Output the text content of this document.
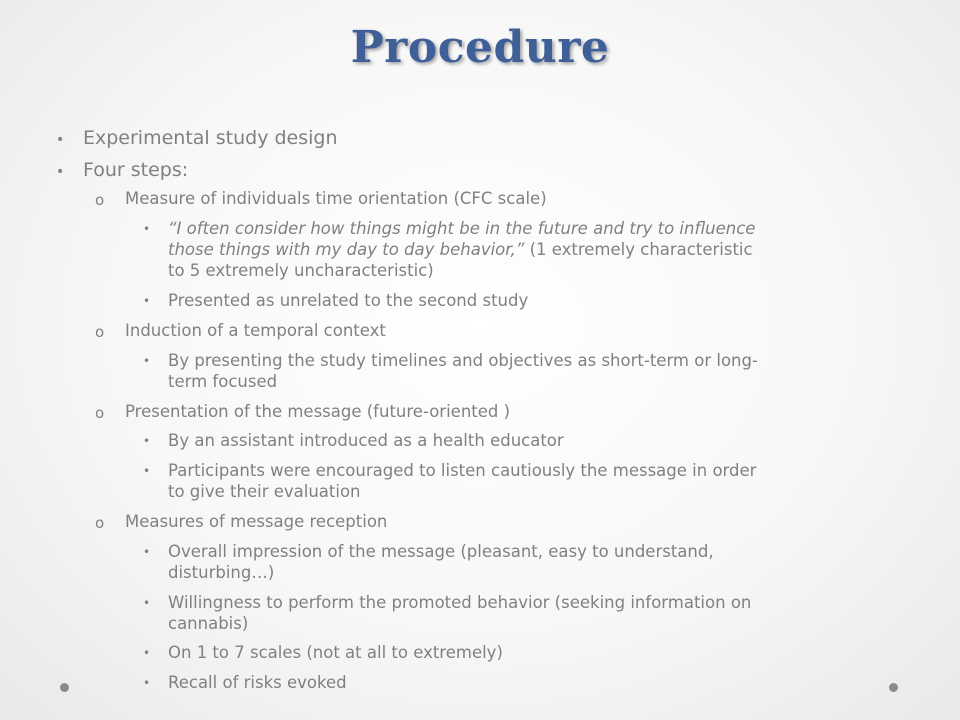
Procedure
• Experimental study design
• Four steps:
o Measure of individuals time orientation (CFC scale)
• “I often consider how things might be in the future and try to influence
those things with my day to day behavior,” (1 extremely characteristic
to 5 extremely uncharacteristic)
• Presented as unrelated to the second study
o Induction of a temporal context
• By presenting the study timelines and objectives as short-term or long-
term focused
o Presentation of the message (future-oriented )
• By an assistant introduced as a health educator
• Participants were encouraged to listen cautiously the message in order
to give their evaluation
o Measures of message reception
• Overall impression of the message (pleasant, easy to understand,
disturbing…)
• Willingness to perform the promoted behavior (seeking information on
cannabis)
• On 1 to 7 scales (not at all to extremely)
• Recall of risks evoked
